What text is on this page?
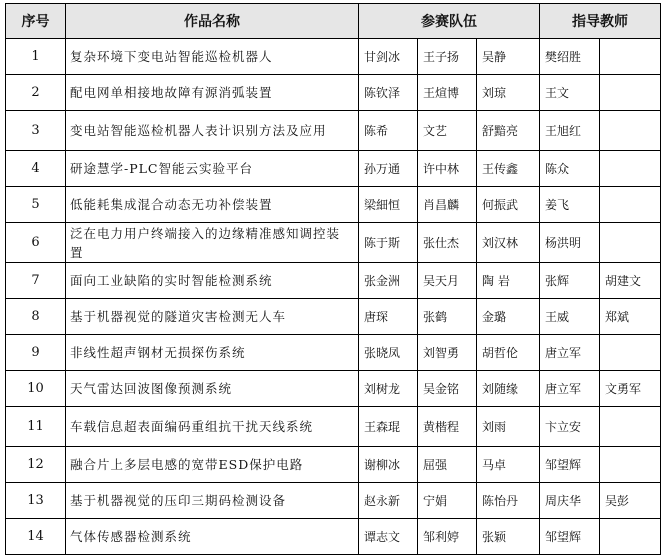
序号	作品名称	参赛队伍			指导教师	
1	复杂环境下变电站智能巡检机器人	甘剑冰	王子扬	吴静	樊绍胜	
2	配电网单相接地故障有源消弧装置	陈钦泽	王煊博	刘琼	王文	
3	变电站智能巡检机器人表计识别方法及应用	陈希	文艺	舒黯亮	王旭红	
4	研途慧学-PLC智能云实验平台	孙万通	许中林	王传鑫	陈众	
5	低能耗集成混合动态无功补偿装置	梁細恒	肖昌麟	何振武	姜飞	
6	泛在电力用户终端接入的边缘精准感知调控装置	陈于斯	张仕杰	刘汉林	杨洪明	
7	面向工业缺陷的实时智能检测系统	张金洲	吴天月	陶 岩	张辉	胡建文
8	基于机器视觉的隧道灾害检测无人车	唐琛	张鹤	金璐	王威	郑斌
9	非线性超声钢材无损探伤系统	张晓凤	刘智勇	胡哲伦	唐立军	
10	天气雷达回波图像预测系统	刘树龙	吴金铭	刘随缘	唐立军	文勇军
11	车载信息超表面编码重组抗干扰天线系统	王森琨	黄楷程	刘雨	卞立安	
12	融合片上多层电感的宽带ESD保护电路	谢柳冰	屈强	马卓	邹望辉	
13	基于机器视觉的压印三期码检测设备	赵永新	宁娟	陈怡丹	周庆华	吴彭
14	气体传感器检测系统	谭志文	邹利婷	张颖	邹望辉	
